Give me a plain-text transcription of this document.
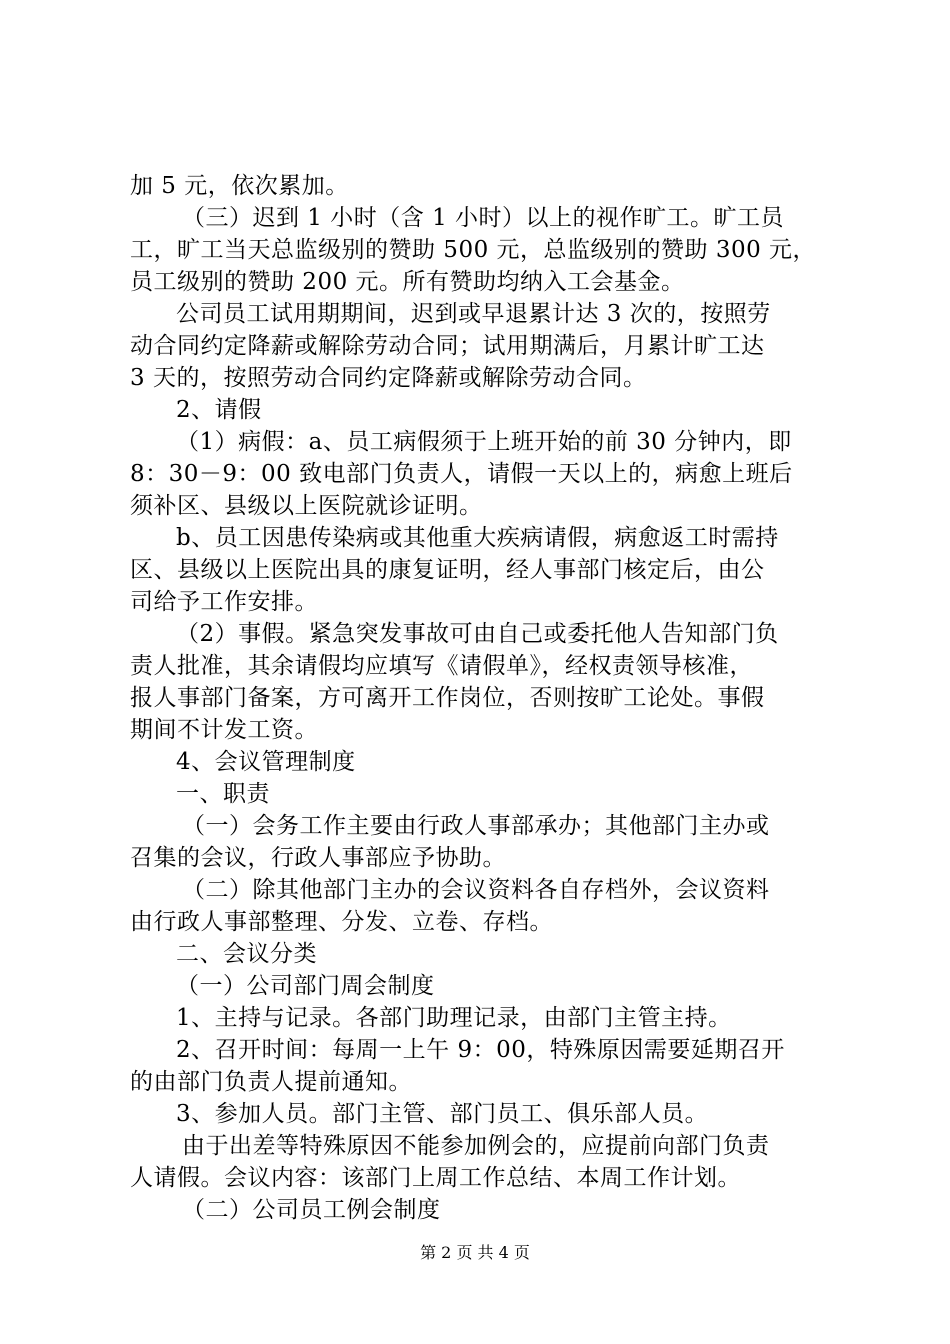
加 5 元，依次累加。
（三）迟到 1 小时（含 1 小时）以上的视作旷工。旷工员
工，旷工当天总监级别的赞助 500 元，总监级别的赞助 300 元，
员工级别的赞助 200 元。所有赞助均纳入工会基金。
公司员工试用期期间，迟到或早退累计达 3 次的，按照劳
动合同约定降薪或解除劳动合同；试用期满后，月累计旷工达
3 天的，按照劳动合同约定降薪或解除劳动合同。
2、请假
（1）病假：a、员工病假须于上班开始的前 30 分钟内，即
8：30－9：00 致电部门负责人，请假一天以上的，病愈上班后
须补区、县级以上医院就诊证明。
b、员工因患传染病或其他重大疾病请假，病愈返工时需持
区、县级以上医院出具的康复证明，经人事部门核定后，由公
司给予工作安排。
（2）事假。紧急突发事故可由自己或委托他人告知部门负
责人批准，其余请假均应填写《请假单》，经权责领导核准，
报人事部门备案，方可离开工作岗位，否则按旷工论处。事假
期间不计发工资。
4、会议管理制度
一、职责
（一）会务工作主要由行政人事部承办；其他部门主办或
召集的会议，行政人事部应予协助。
（二）除其他部门主办的会议资料各自存档外，会议资料
由行政人事部整理、分发、立卷、存档。
二、会议分类
（一）公司部门周会制度
1、主持与记录。各部门助理记录，由部门主管主持。
2、召开时间：每周一上午 9：00，特殊原因需要延期召开
的由部门负责人提前通知。
3、参加人员。部门主管、部门员工、俱乐部人员。
由于出差等特殊原因不能参加例会的，应提前向部门负责
人请假。会议内容：该部门上周工作总结、本周工作计划。
（二）公司员工例会制度
第 2 页 共 4 页
